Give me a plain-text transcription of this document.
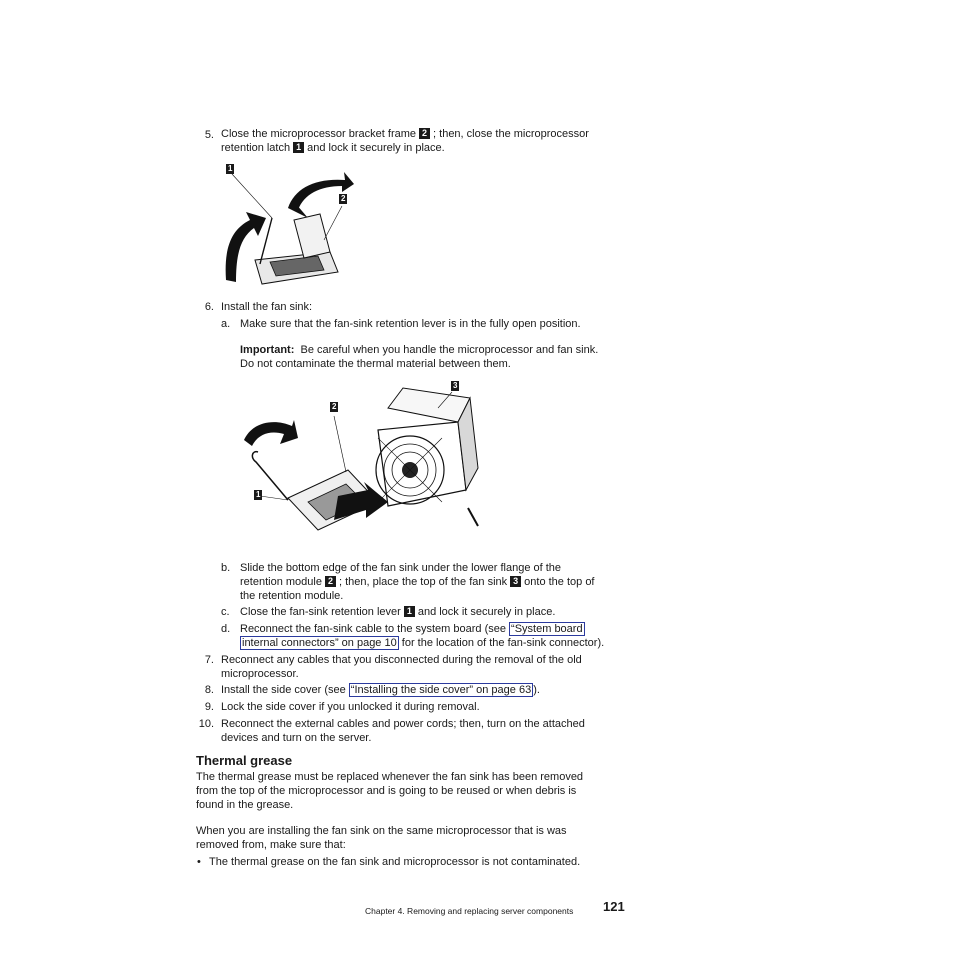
5. Close the microprocessor bracket frame 2 ; then, close the microprocessor
retention latch 1 and lock it securely in place.
1
2
6. Install the fan sink:
a. Make sure that the fan-sink retention lever is in the fully open position.
Important: Be careful when you handle the microprocessor and fan sink.
Do not contaminate the thermal material between them.
1
2
3
b. Slide the bottom edge of the fan sink under the lower flange of the
retention module 2 ; then, place the top of the fan sink 3 onto the top of
the retention module.
c. Close the fan-sink retention lever 1 and lock it securely in place.
d. Reconnect the fan-sink cable to the system board (see “System board
internal connectors” on page 10 for the location of the fan-sink connector).
7. Reconnect any cables that you disconnected during the removal of the old
microprocessor.
8. Install the side cover (see “Installing the side cover” on page 63 ).
9. Lock the side cover if you unlocked it during removal.
10. Reconnect the external cables and power cords; then, turn on the attached
devices and turn on the server.
Thermal grease
The thermal grease must be replaced whenever the fan sink has been removed
from the top of the microprocessor and is going to be reused or when debris is
found in the grease.
When you are installing the fan sink on the same microprocessor that is was
removed from, make sure that:
• The thermal grease on the fan sink and microprocessor is not contaminated.
Chapter 4. Removing and replacing server components 121
